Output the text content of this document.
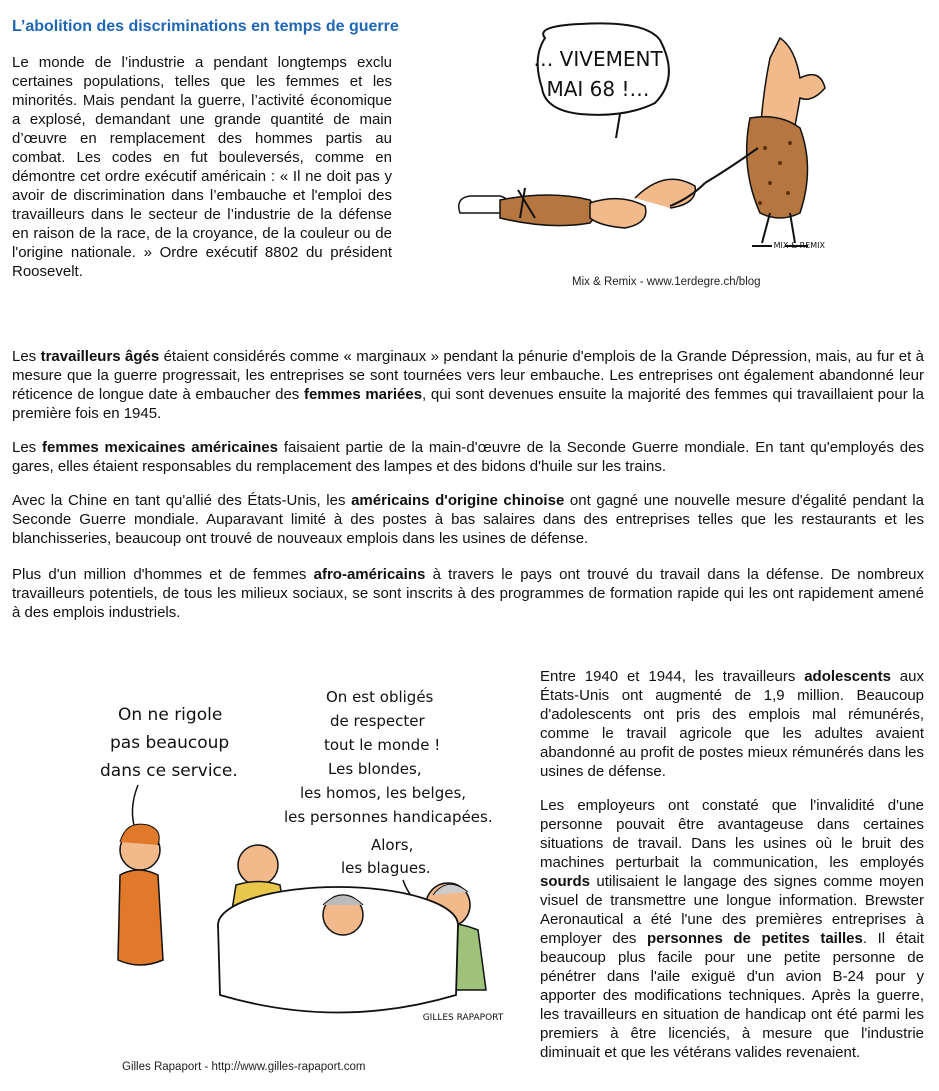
L’abolition des discriminations en temps de guerre
Le monde de l’industrie a pendant longtemps exclu certaines populations, telles que les femmes et les minorités. Mais pendant la guerre, l’activité économique a explosé, demandant une grande quantité de main d’œuvre en remplacement des hommes partis au combat. Les codes en fut bouleversés, comme en démontre cet ordre exécutif américain : « Il ne doit pas y avoir de discrimination dans l’embauche et l'emploi des travailleurs dans le secteur de l’industrie de la défense en raison de la race, de la croyance, de la couleur ou de l'origine nationale. » Ordre exécutif 8802 du président Roosevelt.
… VIVEMENT
MAI 68 !…
MIX & REMIX
Mix & Remix - www.1erdegre.ch/blog
Les travailleurs âgés étaient considérés comme « marginaux » pendant la pénurie d'emplois de la Grande Dépression, mais, au fur et à mesure que la guerre progressait, les entreprises se sont tournées vers leur embauche. Les entreprises ont également abandonné leur réticence de longue date à embaucher des femmes mariées, qui sont devenues ensuite la majorité des femmes qui travaillaient pour la première fois en 1945.
Les femmes mexicaines américaines faisaient partie de la main-d'œuvre de la Seconde Guerre mondiale. En tant qu'employés des gares, elles étaient responsables du remplacement des lampes et des bidons d'huile sur les trains.
Avec la Chine en tant qu'allié des États-Unis, les américains d'origine chinoise ont gagné une nouvelle mesure d'égalité pendant la Seconde Guerre mondiale. Auparavant limité à des postes à bas salaires dans des entreprises telles que les restaurants et les blanchisseries, beaucoup ont trouvé de nouveaux emplois dans les usines de défense.
Plus d'un million d'hommes et de femmes afro-américains à travers le pays ont trouvé du travail dans la défense. De nombreux travailleurs potentiels, de tous les milieux sociaux, se sont inscrits à des programmes de formation rapide qui les ont rapidement amené à des emplois industriels.
On ne rigole
pas beaucoup
dans ce service.
On est obligés
de respecter
tout le monde !
Les blondes,
les homos, les belges,
les personnes handicapées.
Alors,
les blagues.
GILLES RAPAPORT
Gilles Rapaport - http://www.gilles-rapaport.com
Entre 1940 et 1944, les travailleurs adolescents aux États-Unis ont augmenté de 1,9 million. Beaucoup d'adolescents ont pris des emplois mal rémunérés, comme le travail agricole que les adultes avaient abandonné au profit de postes mieux rémunérés dans les usines de défense.
Les employeurs ont constaté que l'invalidité d'une personne pouvait être avantageuse dans certaines situations de travail. Dans les usines où le bruit des machines perturbait la communication, les employés sourds utilisaient le langage des signes comme moyen visuel de transmettre une longue information. Brewster Aeronautical a été l'une des premières entreprises à employer des personnes de petites tailles. Il était beaucoup plus facile pour une petite personne de pénétrer dans l'aile exiguë d'un avion B-24 pour y apporter des modifications techniques. Après la guerre, les travailleurs en situation de handicap ont été parmi les premiers à être licenciés, à mesure que l'industrie diminuait et que les vétérans valides revenaient.
